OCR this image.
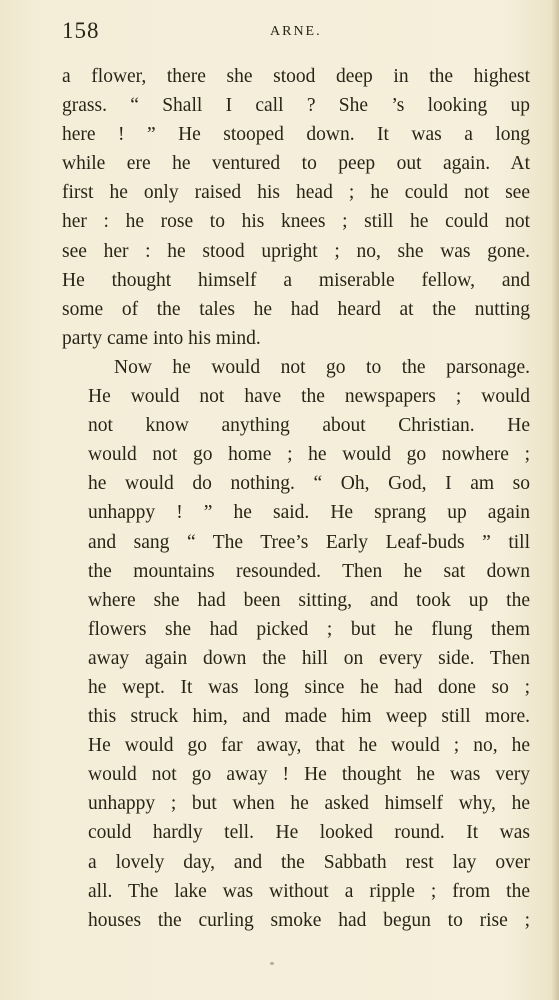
158	ARNE.

a flower, there she stood deep in the highest
grass. “ Shall I call ? She ’s looking up
here ! ” He stooped down. It was a long
while ere he ventured to peep out again. At
first he only raised his head ; he could not see
her : he rose to his knees ; still he could not
see her : he stood upright ; no, she was gone.
He thought himself a miserable fellow, and
some of the tales he had heard at the nutting
party came into his mind.

Now he would not go to the parsonage.
He would not have the newspapers ; would
not know anything about Christian. He
would not go home ; he would go nowhere ;
he would do nothing. “ Oh, God, I am so
unhappy ! ” he said. He sprang up again
and sang “ The Tree’s Early Leaf-buds ” till
the mountains resounded. Then he sat down
where she had been sitting, and took up the
flowers she had picked ; but he flung them
away again down the hill on every side. Then
he wept. It was long since he had done so ;
this struck him, and made him weep still more.
He would go far away, that he would ; no, he
would not go away ! He thought he was very
unhappy ; but when he asked himself why, he
could hardly tell. He looked round. It was
a lovely day, and the Sabbath rest lay over
all. The lake was without a ripple ; from the
houses the curling smoke had begun to rise ;
